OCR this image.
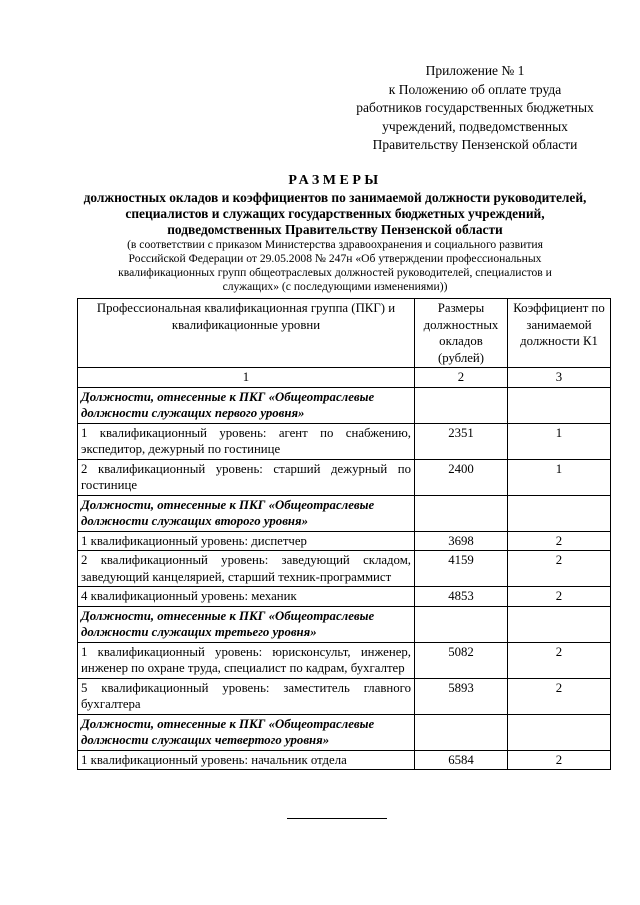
Приложение № 1
к Положению об оплате труда
работников государственных бюджетных
учреждений, подведомственных
Правительству Пензенской области
РАЗМЕРЫ
должностных окладов и коэффициентов по занимаемой должности руководителей, специалистов и служащих государственных бюджетных учреждений, подведомственных Правительству Пензенской области
(в соответствии с приказом Министерства здравоохранения и социального развития Российской Федерации от 29.05.2008 № 247н «Об утверждении профессиональных квалификационных групп общеотраслевых должностей руководителей, специалистов и служащих» (с последующими изменениями))
Профессиональная квалификационная группа (ПКГ) и квалификационные уровни	Размеры должностных окладов (рублей)	Коэффициент по занимаемой должности К1
1	2	3
Должности, отнесенные к ПКГ «Общеотраслевые должности служащих первого уровня»		
1 квалификационный уровень: агент по снабжению, экспедитор, дежурный по гостинице	2351	1
2 квалификационный уровень: старший дежурный по гостинице	2400	1
Должности, отнесенные к ПКГ «Общеотраслевые должности служащих второго уровня»		
1 квалификационный уровень: диспетчер	3698	2
2 квалификационный уровень: заведующий складом, заведующий канцелярией, старший техник-программист	4159	2
4 квалификационный уровень: механик	4853	2
Должности, отнесенные к ПКГ «Общеотраслевые должности служащих третьего уровня»		
1 квалификационный уровень: юрисконсульт, инженер, инженер по охране труда, специалист по кадрам, бухгалтер	5082	2
5 квалификационный уровень: заместитель главного бухгалтера	5893	2
Должности, отнесенные к ПКГ «Общеотраслевые должности служащих четвертого уровня»		
1 квалификационный уровень: начальник отдела	6584	2
